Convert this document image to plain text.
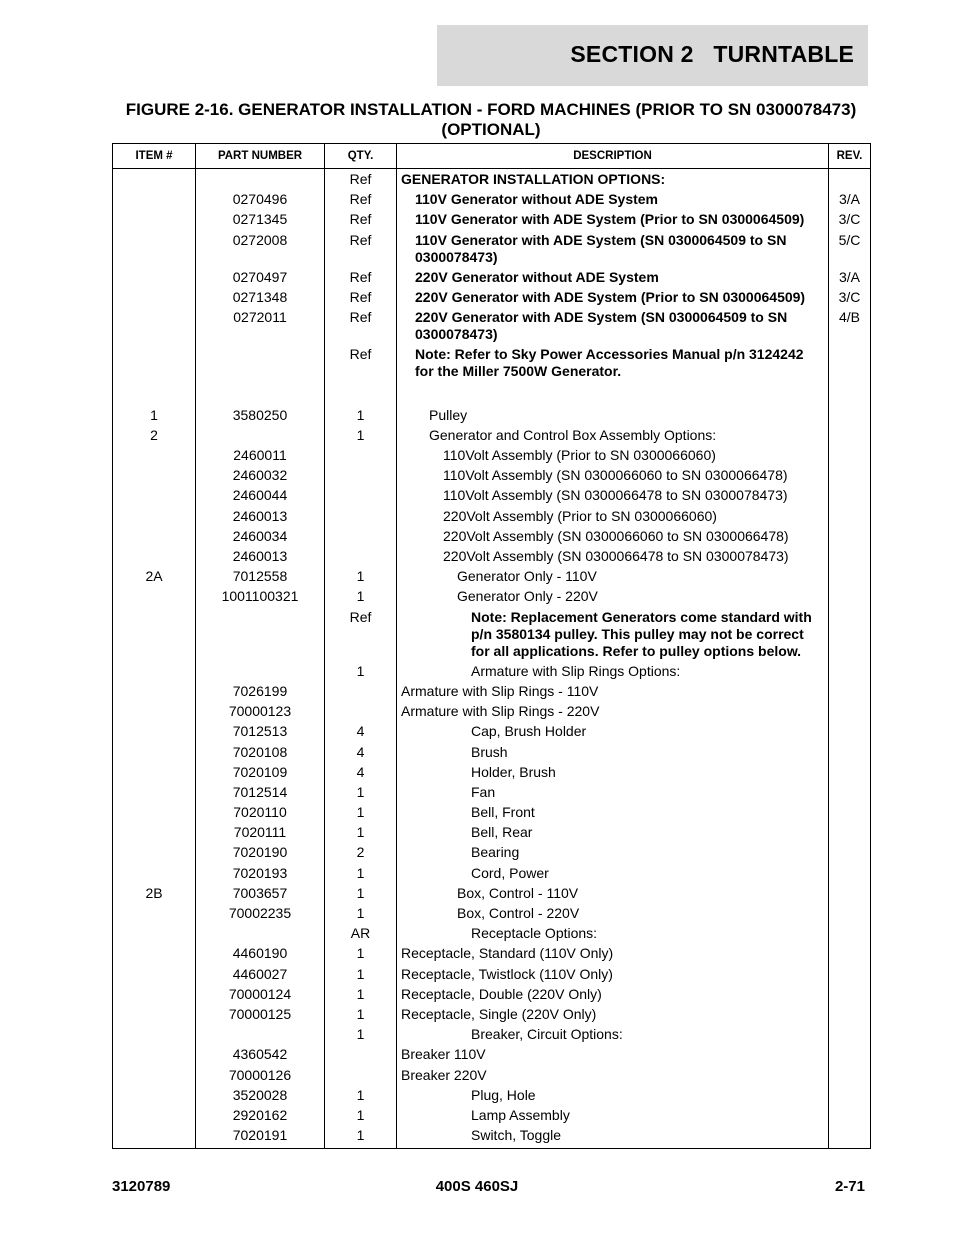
SECTION 2   TURNTABLE
FIGURE 2-16. GENERATOR INSTALLATION - FORD MACHINES (PRIOR TO SN 0300078473)
(OPTIONAL)
ITEM #	PART NUMBER	QTY.	DESCRIPTION	REV.
		Ref	GENERATOR INSTALLATION OPTIONS:	

	0270496	Ref	110V Generator without ADE System	3/A
	0271345	Ref	110V Generator with ADE System (Prior to SN 0300064509)	3/C
	0272008	Ref	110V Generator with ADE System (SN 0300064509 to SN 0300078473)	5/C
	0270497	Ref	220V Generator without ADE System	3/A
	0271348	Ref	220V Generator with ADE System (Prior to SN 0300064509)	3/C
	0272011	Ref	220V Generator with ADE System (SN 0300064509 to SN 0300078473)	4/B
		Ref	Note: Refer to Sky Power Accessories Manual p/n 3124242 for the Miller 7500W Generator.	

1	3580250	1	Pulley	

2		1	Generator and Control Box Assembly Options:	

	2460011		110Volt Assembly (Prior to SN 0300066060)	

	2460032		110Volt Assembly (SN 0300066060 to SN 0300066478)	

	2460044		110Volt Assembly (SN 0300066478 to SN 0300078473)	

	2460013		220Volt Assembly (Prior to SN 0300066060)	

	2460034		220Volt Assembly (SN 0300066060 to SN 0300066478)	

	2460013		220Volt Assembly (SN 0300066478 to SN 0300078473)	

2A	7012558	1	Generator Only - 110V	

	1001100321	1	Generator Only - 220V	

		Ref	Note: Replacement Generators come standard with p/n 3580134 pulley. This pulley may not be correct for all applications. Refer to pulley options below.	

		1	Armature with Slip Rings Options:	

	7026199		Armature with Slip Rings - 110V	

	70000123		Armature with Slip Rings - 220V	

	7012513	4	Cap, Brush Holder	

	7020108	4	Brush	

	7020109	4	Holder, Brush	

	7012514	1	Fan	

	7020110	1	Bell, Front	

	7020111	1	Bell, Rear	

	7020190	2	Bearing	

	7020193	1	Cord, Power	

2B	7003657	1	Box, Control - 110V	

	70002235	1	Box, Control - 220V	

		AR	Receptacle Options:	

	4460190	1	Receptacle, Standard (110V Only)	

	4460027	1	Receptacle, Twistlock (110V Only)	

	70000124	1	Receptacle, Double (220V Only)	

	70000125	1	Receptacle, Single (220V Only)	

		1	Breaker, Circuit Options:	

	4360542		Breaker 110V	

	70000126		Breaker 220V	

	3520028	1	Plug, Hole	

	2920162	1	Lamp Assembly	

	7020191	1	Switch, Toggle	

3120789	400S 460SJ	2-71
